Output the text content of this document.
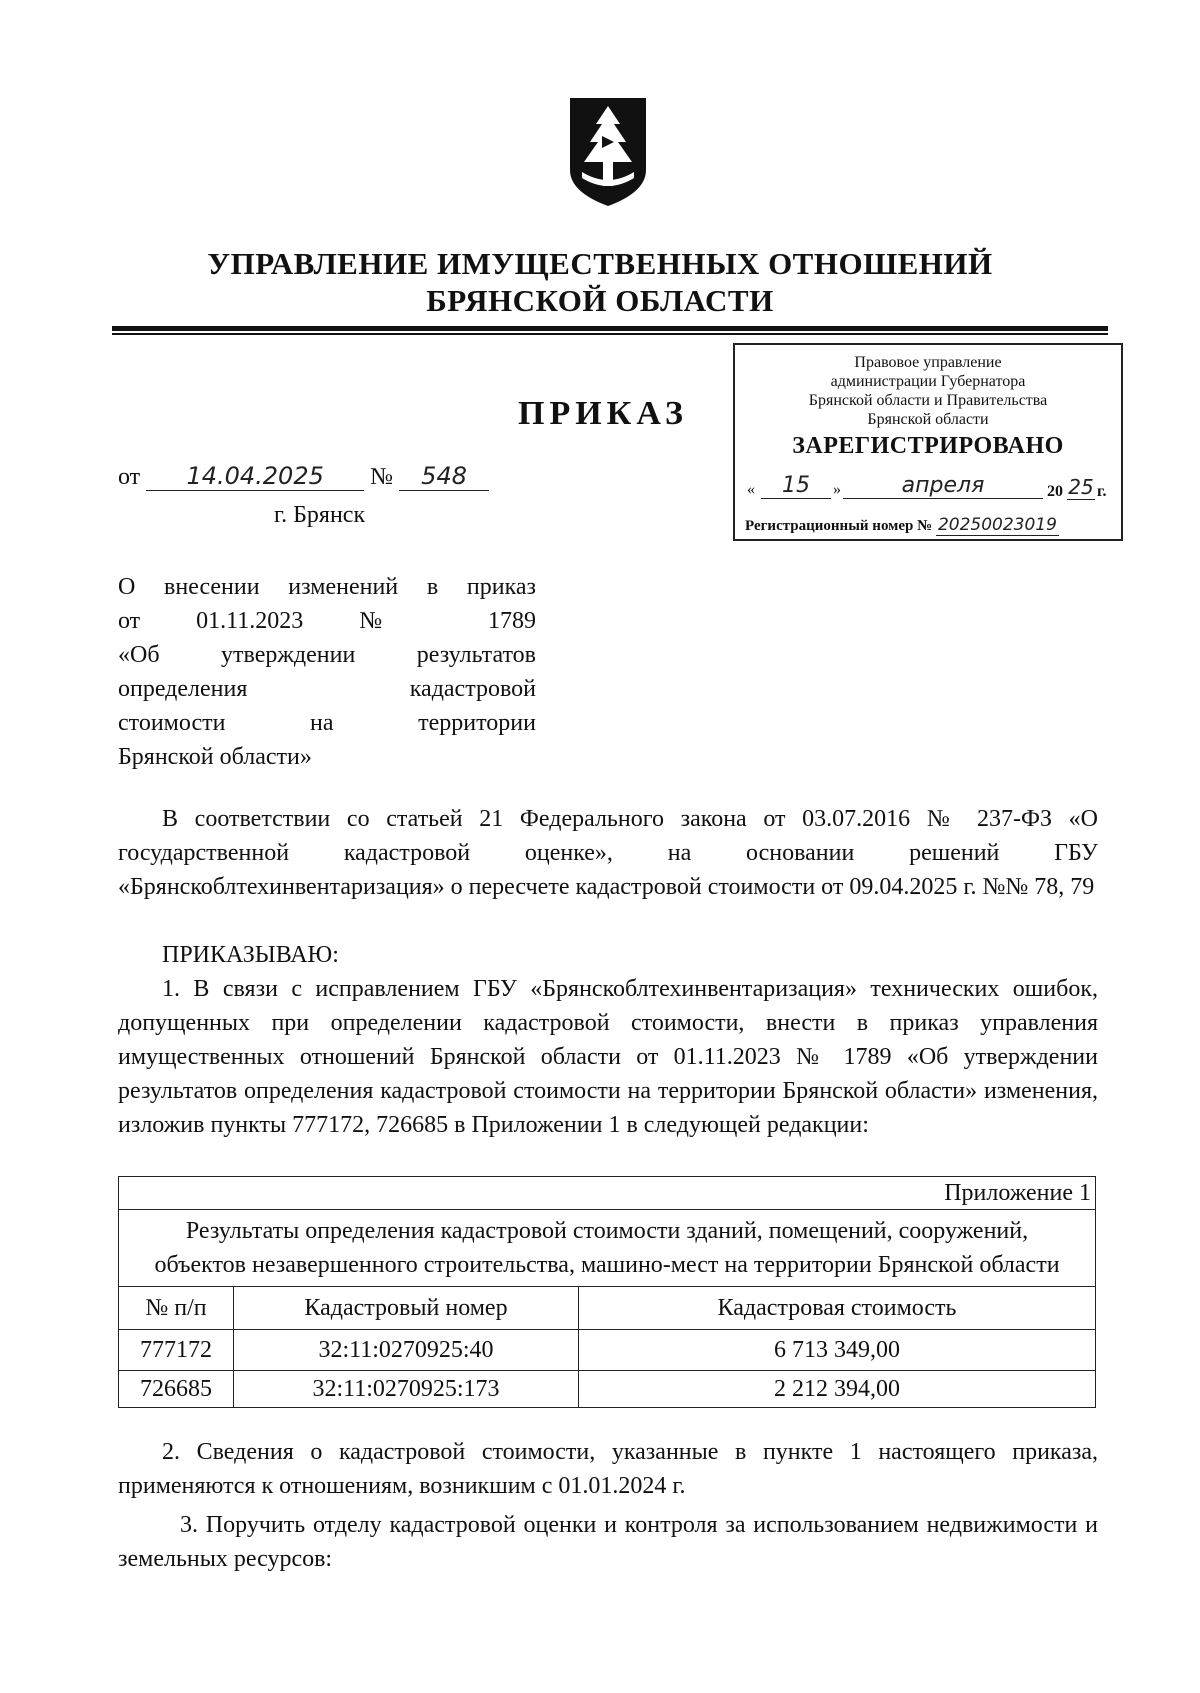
УПРАВЛЕНИЕ ИМУЩЕСТВЕННЫХ ОТНОШЕНИЙ
БРЯНСКОЙ ОБЛАСТИ
Правовое управление
администрации Губернатора
Брянской области и Правительства
Брянской области
ЗАРЕГИСТРИРОВАНО
«	15	»	апреля	20 25 г.
Регистрационный номер № 20250023019
ПРИКАЗ
от 14.04.2025 № 548
г. Брянск
О внесении изменений в приказ
от 01.11.2023 № 1789
«Об утверждении результатов
определения кадастровой
стоимости на территории
Брянской области»
В соответствии со статьей 21 Федерального закона от 03.07.2016 № 237-ФЗ «О государственной кадастровой оценке», на основании решений ГБУ «Брянскоблтехинвентаризация» о пересчете кадастровой стоимости от 09.04.2025 г. №№ 78, 79
ПРИКАЗЫВАЮ:
1. В связи с исправлением ГБУ «Брянскоблтехинвентаризация» технических ошибок, допущенных при определении кадастровой стоимости, внести в приказ управления имущественных отношений Брянской области от 01.11.2023 № 1789 «Об утверждении результатов определения кадастровой стоимости на территории Брянской области» изменения, изложив пункты 777172, 726685 в Приложении 1 в следующей редакции:
Приложение 1		
Результаты определения кадастровой стоимости зданий, помещений, сооружений, объектов незавершенного строительства, машино-мест на территории Брянской области		
№ п/п	Кадастровый номер	Кадастровая стоимость
777172	32:11:0270925:40	6 713 349,00
726685	32:11:0270925:173	2 212 394,00
2. Сведения о кадастровой стоимости, указанные в пункте 1 настоящего приказа, применяются к отношениям, возникшим с 01.01.2024 г.
3. Поручить отделу кадастровой оценки и контроля за использованием недвижимости и земельных ресурсов:
